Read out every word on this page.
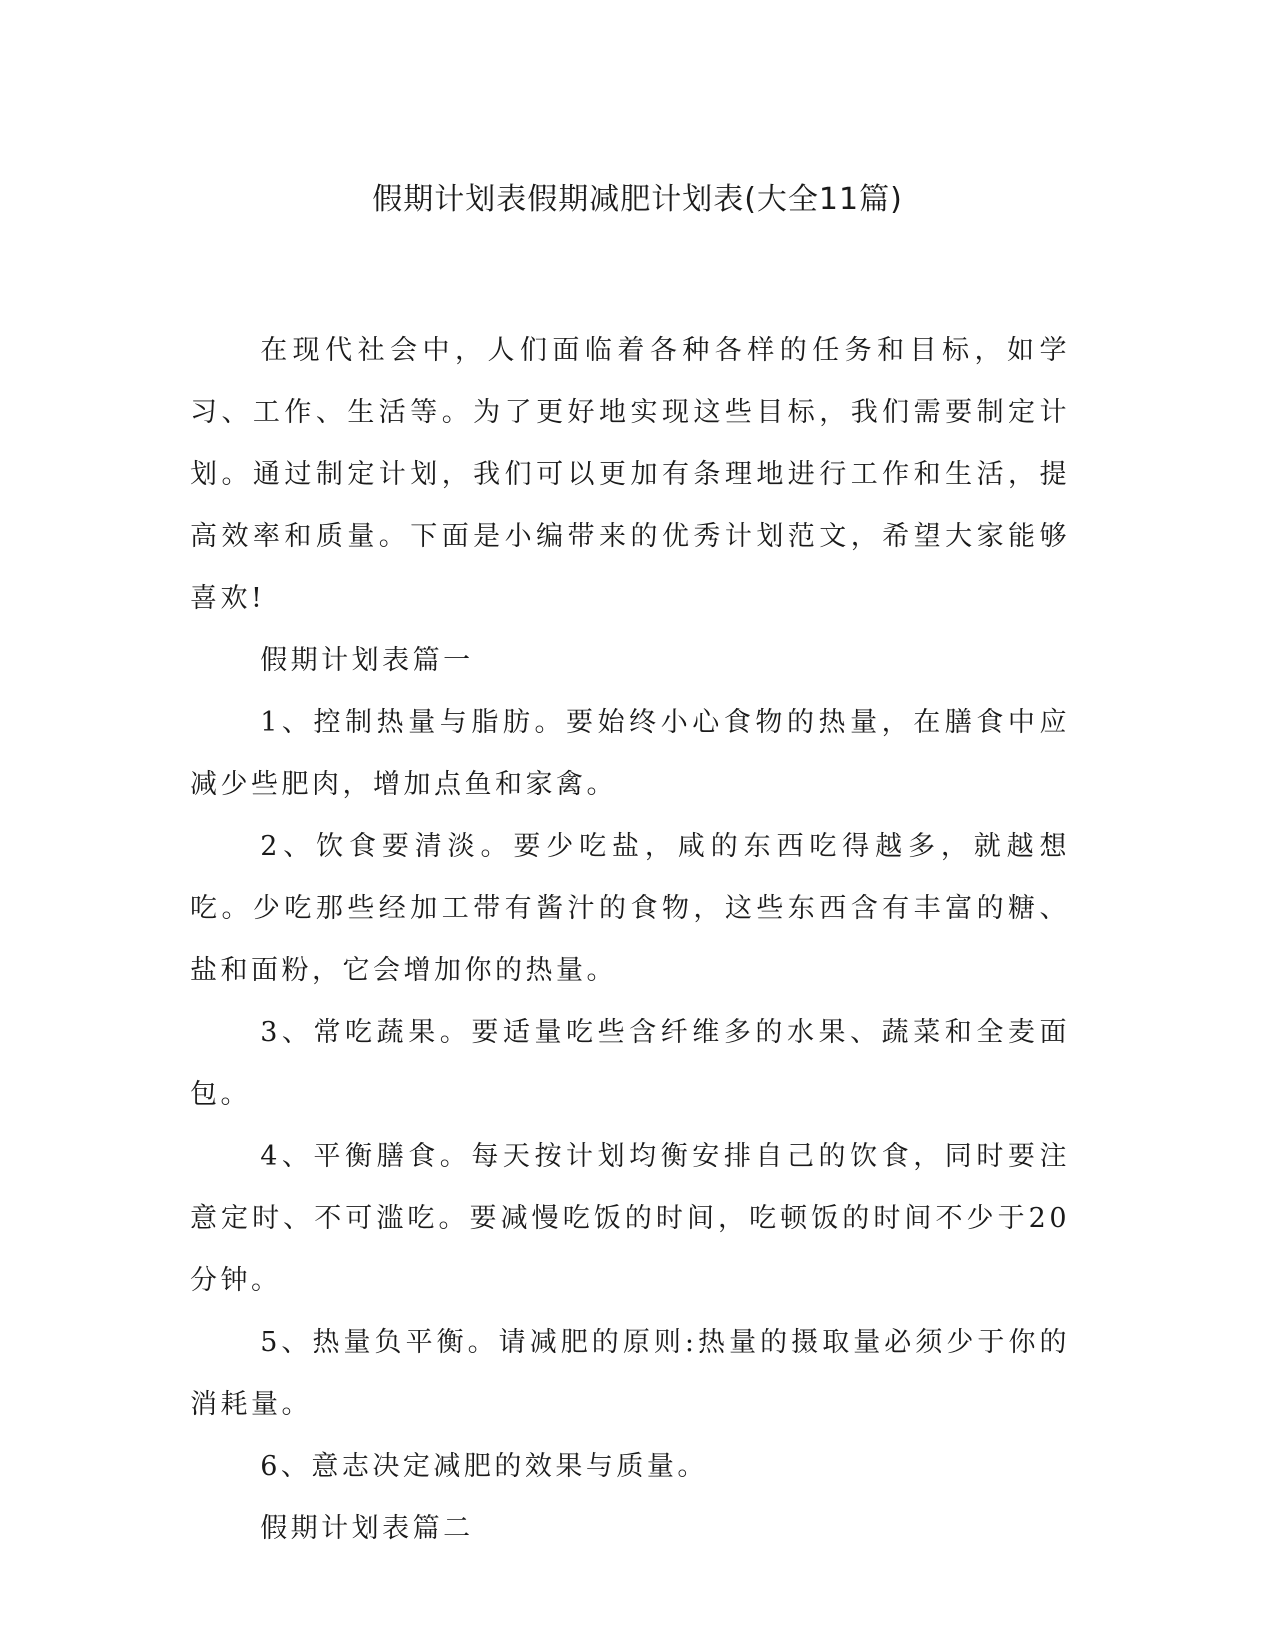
假期计划表假期减肥计划表(大全11篇)

在现代社会中，人们面临着各种各样的任务和目标，如学习、工作、生活等。为了更好地实现这些目标，我们需要制定计划。通过制定计划，我们可以更加有条理地进行工作和生活，提高效率和质量。下面是小编带来的优秀计划范文，希望大家能够喜欢!

假期计划表篇一

1、控制热量与脂肪。要始终小心食物的热量，在膳食中应减少些肥肉，增加点鱼和家禽。

2、饮食要清淡。要少吃盐，咸的东西吃得越多，就越想吃。少吃那些经加工带有酱汁的食物，这些东西含有丰富的糖、盐和面粉，它会增加你的热量。

3、常吃蔬果。要适量吃些含纤维多的水果、蔬菜和全麦面包。

4、平衡膳食。每天按计划均衡安排自己的饮食，同时要注意定时、不可滥吃。要减慢吃饭的时间，吃顿饭的时间不少于20分钟。

5、热量负平衡。请减肥的原则:热量的摄取量必须少于你的消耗量。

6、意志决定减肥的效果与质量。

假期计划表篇二
